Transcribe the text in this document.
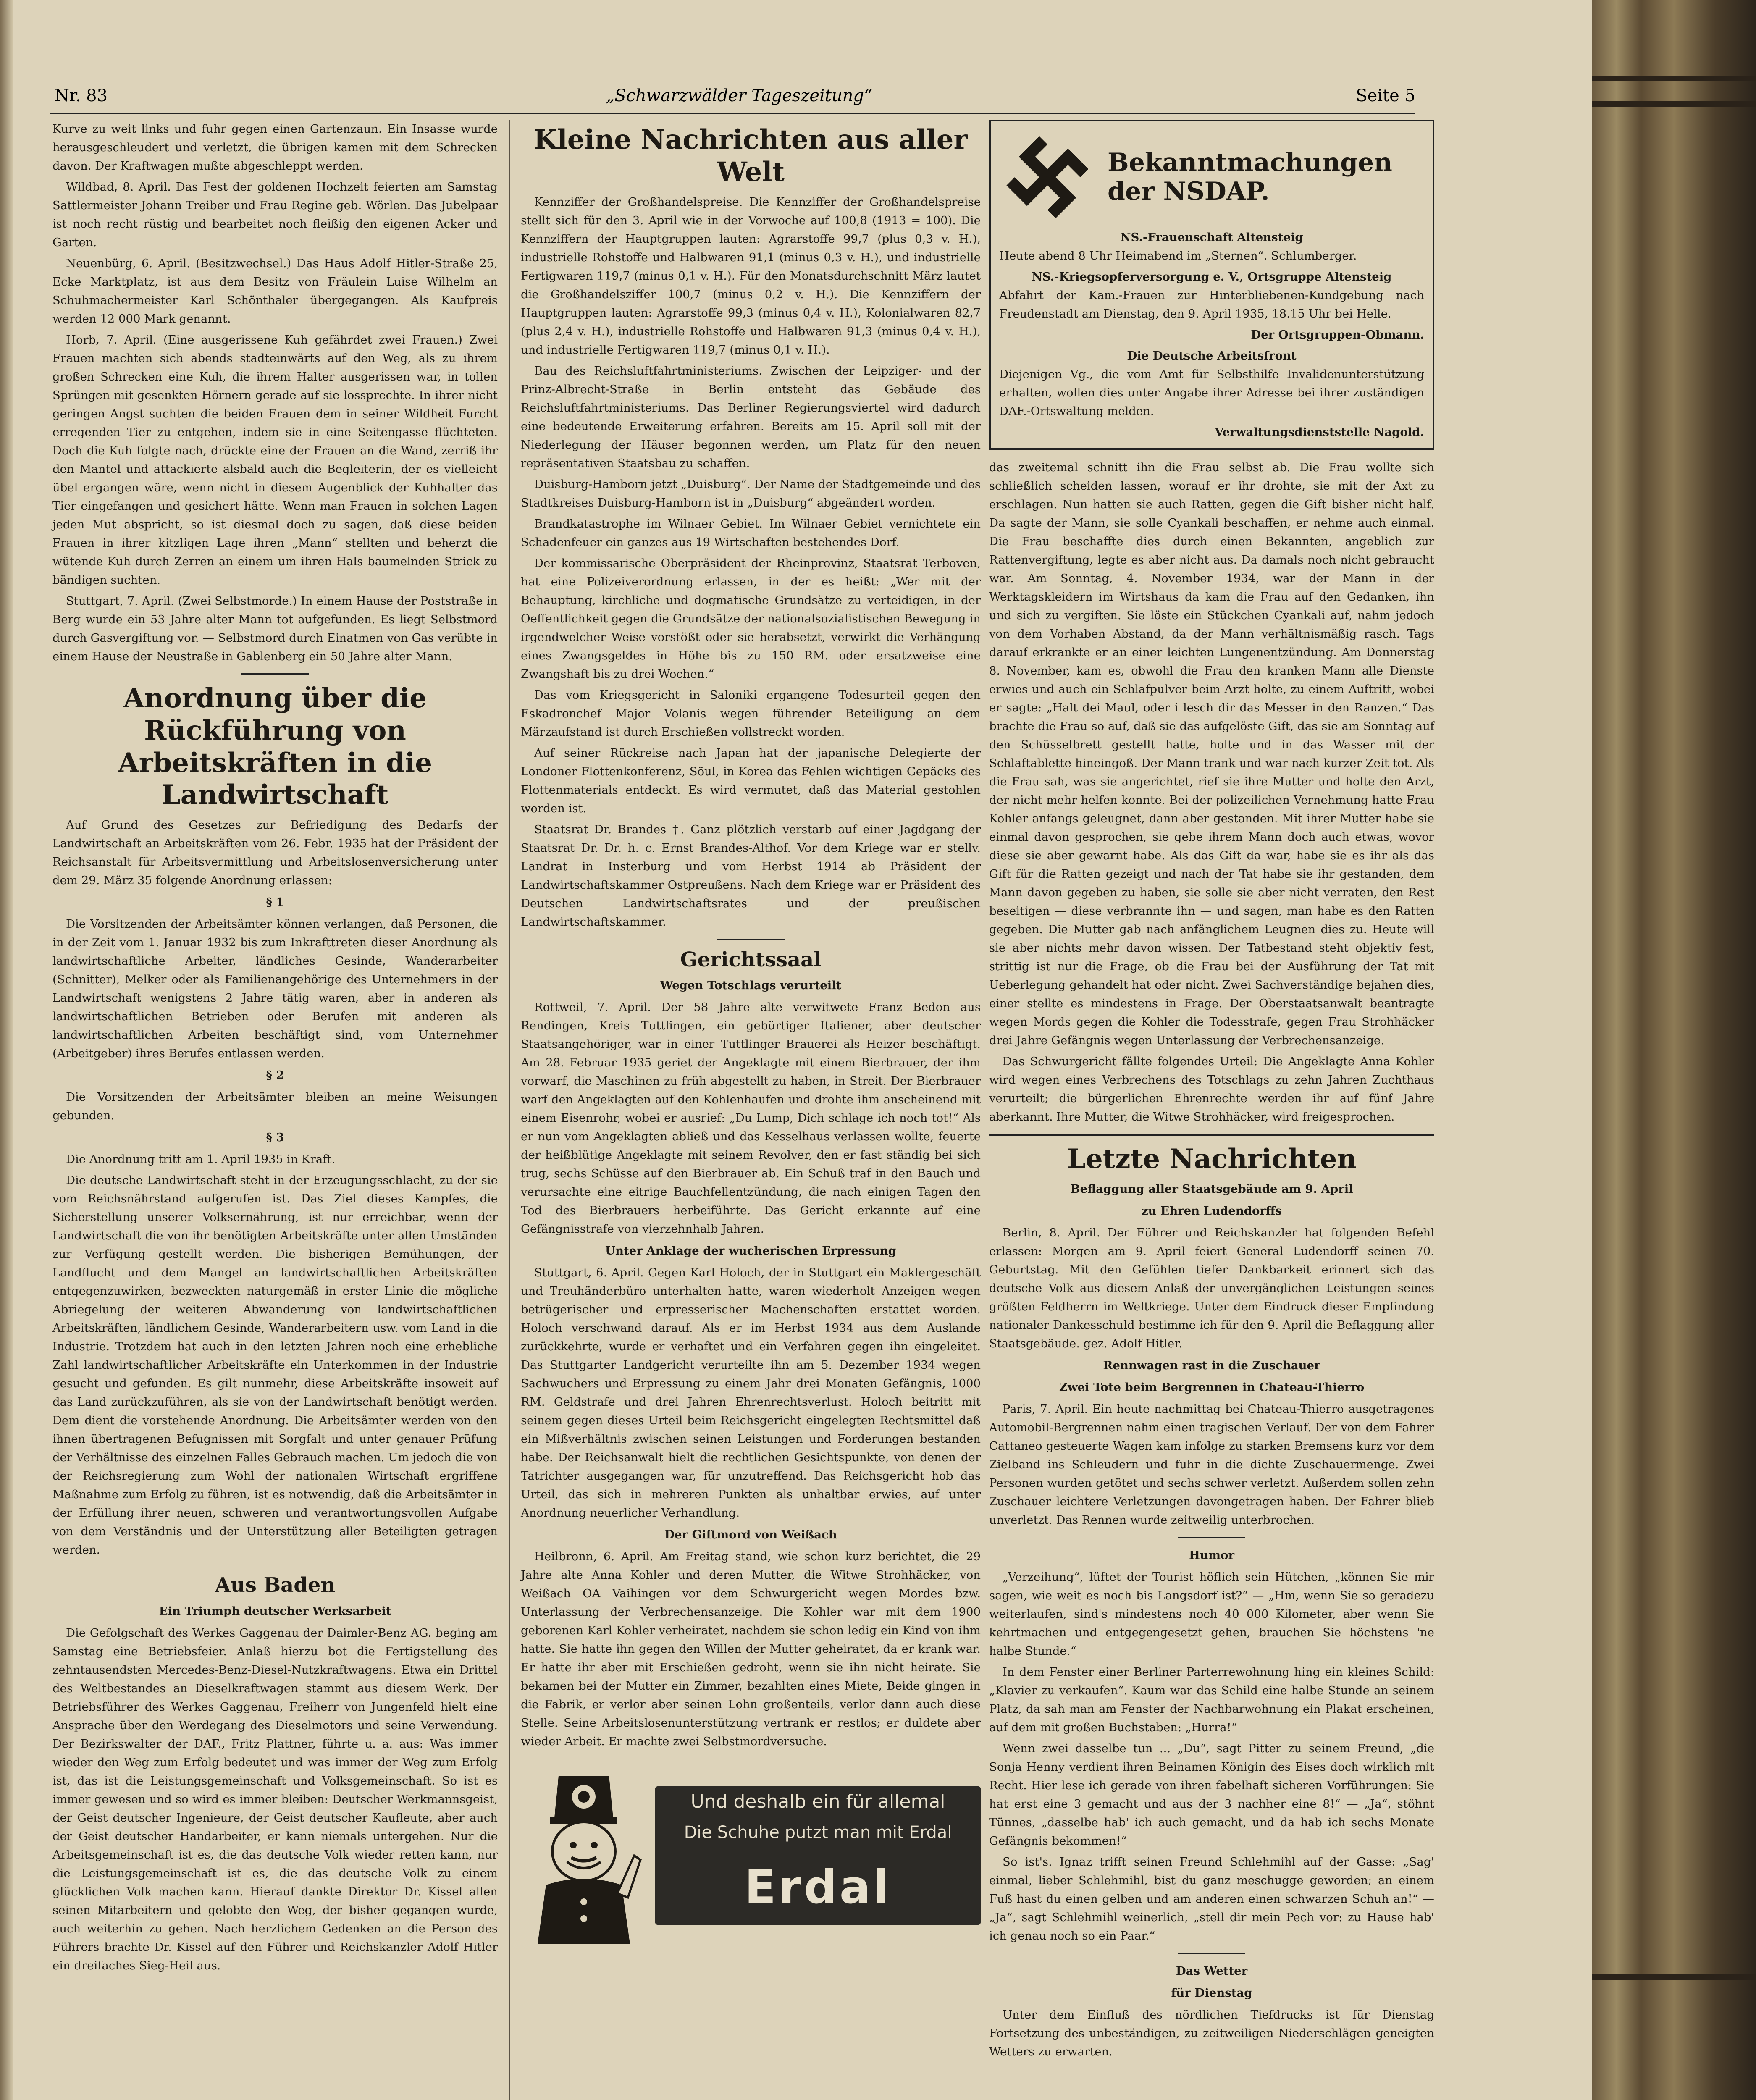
Nr. 83	„Schwarzwälder Tageszeitung“	Seite 5

Kurve zu weit links und fuhr gegen einen Gartenzaun. Ein Insasse wurde herausgeschleudert und verletzt, die übrigen kamen mit dem Schrecken davon. Der Kraftwagen mußte abgeschleppt werden.

Wildbad, 8. April. Das Fest der goldenen Hochzeit feierten am Samstag Sattlermeister Johann Treiber und Frau Regine geb. Wörlen. Das Jubelpaar ist noch recht rüstig und bearbeitet noch fleißig den eigenen Acker und Garten.

Neuenbürg, 6. April. (Besitzwechsel.) Das Haus Adolf Hitler-Straße 25, Ecke Marktplatz, ist aus dem Besitz von Fräulein Luise Wilhelm an Schuhmachermeister Karl Schönthaler übergegangen. Als Kaufpreis werden 12 000 Mark genannt.

Horb, 7. April. (Eine ausgerissene Kuh gefährdet zwei Frauen.) Zwei Frauen machten sich abends stadteinwärts auf den Weg, als zu ihrem großen Schrecken eine Kuh, die ihrem Halter ausgerissen war, in tollen Sprüngen mit gesenkten Hörnern gerade auf sie lossprechte. In ihrer nicht geringen Angst suchten die beiden Frauen dem in seiner Wildheit Furcht erregenden Tier zu entgehen, indem sie in eine Seitengasse flüchteten. Doch die Kuh folgte nach, drückte eine der Frauen an die Wand, zerriß ihr den Mantel und attackierte alsbald auch die Begleiterin, der es vielleicht übel ergangen wäre, wenn nicht in diesem Augenblick der Kuhhalter das Tier eingefangen und gesichert hätte. Wenn man Frauen in solchen Lagen jeden Mut abspricht, so ist diesmal doch zu sagen, daß diese beiden Frauen in ihrer kitzligen Lage ihren „Mann“ stellten und beherzt die wütende Kuh durch Zerren an einem um ihren Hals baumelnden Strick zu bändigen suchten.

Stuttgart, 7. April. (Zwei Selbstmorde.) In einem Hause der Poststraße in Berg wurde ein 53 Jahre alter Mann tot aufgefunden. Es liegt Selbstmord durch Gasvergiftung vor. — Selbstmord durch Einatmen von Gas verübte in einem Hause der Neustraße in Gablenberg ein 50 Jahre alter Mann.

Anordnung über die Rückführung von Arbeitskräften in die Landwirtschaft

Auf Grund des Gesetzes zur Befriedigung des Bedarfs der Landwirtschaft an Arbeitskräften vom 26. Febr. 1935 hat der Präsident der Reichsanstalt für Arbeitsvermittlung und Arbeitslosenversicherung unter dem 29. März 35 folgende Anordnung erlassen:

§ 1

Die Vorsitzenden der Arbeitsämter können verlangen, daß Personen, die in der Zeit vom 1. Januar 1932 bis zum Inkrafttreten dieser Anordnung als landwirtschaftliche Arbeiter, ländliches Gesinde, Wanderarbeiter (Schnitter), Melker oder als Familienangehörige des Unternehmers in der Landwirtschaft wenigstens 2 Jahre tätig waren, aber in anderen als landwirtschaftlichen Betrieben oder Berufen mit anderen als landwirtschaftlichen Arbeiten beschäftigt sind, vom Unternehmer (Arbeitgeber) ihres Berufes entlassen werden.

§ 2

Die Vorsitzenden der Arbeitsämter bleiben an meine Weisungen gebunden.

§ 3

Die Anordnung tritt am 1. April 1935 in Kraft.

Die deutsche Landwirtschaft steht in der Erzeugungsschlacht, zu der sie vom Reichsnährstand aufgerufen ist. Das Ziel dieses Kampfes, die Sicherstellung unserer Volksernährung, ist nur erreichbar, wenn der Landwirtschaft die von ihr benötigten Arbeitskräfte unter allen Umständen zur Verfügung gestellt werden. Die bisherigen Bemühungen, der Landflucht und dem Mangel an landwirtschaftlichen Arbeitskräften entgegenzuwirken, bezweckten naturgemäß in erster Linie die mögliche Abriegelung der weiteren Abwanderung von landwirtschaftlichen Arbeitskräften, ländlichem Gesinde, Wanderarbeitern usw. vom Land in die Industrie. Trotzdem hat auch in den letzten Jahren noch eine erhebliche Zahl landwirtschaftlicher Arbeitskräfte ein Unterkommen in der Industrie gesucht und gefunden. Es gilt nunmehr, diese Arbeitskräfte insoweit auf das Land zurückzuführen, als sie von der Landwirtschaft benötigt werden. Dem dient die vorstehende Anordnung. Die Arbeitsämter werden von den ihnen übertragenen Befugnissen mit Sorgfalt und unter genauer Prüfung der Verhältnisse des einzelnen Falles Gebrauch machen. Um jedoch die von der Reichsregierung zum Wohl der nationalen Wirtschaft ergriffene Maßnahme zum Erfolg zu führen, ist es notwendig, daß die Arbeitsämter in der Erfüllung ihrer neuen, schweren und verantwortungsvollen Aufgabe von dem Verständnis und der Unterstützung aller Beteiligten getragen werden.

Aus Baden
Ein Triumph deutscher Werksarbeit

Die Gefolgschaft des Werkes Gaggenau der Daimler-Benz AG. beging am Samstag eine Betriebsfeier. Anlaß hierzu bot die Fertigstellung des zehntausendsten Mercedes-Benz-Diesel-Nutzkraftwagens. Etwa ein Drittel des Weltbestandes an Dieselkraftwagen stammt aus diesem Werk. Der Betriebsführer des Werkes Gaggenau, Freiherr von Jungenfeld hielt eine Ansprache über den Werdegang des Dieselmotors und seine Verwendung. Der Bezirkswalter der DAF., Fritz Plattner, führte u. a. aus: Was immer wieder den Weg zum Erfolg bedeutet und was immer der Weg zum Erfolg ist, das ist die Leistungsgemeinschaft und Volksgemeinschaft. So ist es immer gewesen und so wird es immer bleiben: Deutscher Werkmannsgeist, der Geist deutscher Ingenieure, der Geist deutscher Kaufleute, aber auch der Geist deutscher Handarbeiter, er kann niemals untergehen. Nur die Arbeitsgemeinschaft ist es, die das deutsche Volk wieder retten kann, nur die Leistungsgemeinschaft ist es, die das deutsche Volk zu einem glücklichen Volk machen kann. Hierauf dankte Direktor Dr. Kissel allen seinen Mitarbeitern und gelobte den Weg, der bisher gegangen wurde, auch weiterhin zu gehen. Nach herzlichem Gedenken an die Person des Führers brachte Dr. Kissel auf den Führer und Reichskanzler Adolf Hitler ein dreifaches Sieg-Heil aus.

Kleine Nachrichten aus aller Welt

Kennziffer der Großhandelspreise. Die Kennziffer der Großhandelspreise stellt sich für den 3. April wie in der Vorwoche auf 100,8 (1913 = 100). Die Kennziffern der Hauptgruppen lauten: Agrarstoffe 99,7 (plus 0,3 v. H.), industrielle Rohstoffe und Halbwaren 91,1 (minus 0,3 v. H.), und industrielle Fertigwaren 119,7 (minus 0,1 v. H.). Für den Monatsdurchschnitt März lautet die Großhandelsziffer 100,7 (minus 0,2 v. H.). Die Kennziffern der Hauptgruppen lauten: Agrarstoffe 99,3 (minus 0,4 v. H.), Kolonialwaren 82,7 (plus 2,4 v. H.), industrielle Rohstoffe und Halbwaren 91,3 (minus 0,4 v. H.), und industrielle Fertigwaren 119,7 (minus 0,1 v. H.).

Bau des Reichsluftfahrtministeriums. Zwischen der Leipziger- und der Prinz-Albrecht-Straße in Berlin entsteht das Gebäude des Reichsluftfahrtministeriums. Das Berliner Regierungsviertel wird dadurch eine bedeutende Erweiterung erfahren. Bereits am 15. April soll mit der Niederlegung der Häuser begonnen werden, um Platz für den neuen repräsentativen Staatsbau zu schaffen.

Duisburg-Hamborn jetzt „Duisburg“. Der Name der Stadtgemeinde und des Stadtkreises Duisburg-Hamborn ist in „Duisburg“ abgeändert worden.

Brandkatastrophe im Wilnaer Gebiet. Im Wilnaer Gebiet vernichtete ein Schadenfeuer ein ganzes aus 19 Wirtschaften bestehendes Dorf.

Der kommissarische Oberpräsident der Rheinprovinz, Staatsrat Terboven, hat eine Polizeiverordnung erlassen, in der es heißt: „Wer mit der Behauptung, kirchliche und dogmatische Grundsätze zu verteidigen, in der Oeffentlichkeit gegen die Grundsätze der nationalsozialistischen Bewegung in irgendwelcher Weise vorstößt oder sie herabsetzt, verwirkt die Verhängung eines Zwangsgeldes in Höhe bis zu 150 RM. oder ersatzweise eine Zwangshaft bis zu drei Wochen.“

Das vom Kriegsgericht in Saloniki ergangene Todesurteil gegen den Eskadronchef Major Volanis wegen führender Beteiligung an dem Märzaufstand ist durch Erschießen vollstreckt worden.

Auf seiner Rückreise nach Japan hat der japanische Delegierte der Londoner Flottenkonferenz, Söul, in Korea das Fehlen wichtigen Gepäcks des Flottenmaterials entdeckt. Es wird vermutet, daß das Material gestohlen worden ist.

Staatsrat Dr. Brandes †. Ganz plötzlich verstarb auf einer Jagdgang der Staatsrat Dr. Dr. h. c. Ernst Brandes-Althof. Vor dem Kriege war er stellv. Landrat in Insterburg und vom Herbst 1914 ab Präsident der Landwirtschaftskammer Ostpreußens. Nach dem Kriege war er Präsident des Deutschen Landwirtschaftsrates und der preußischen Landwirtschaftskammer.

Gerichtssaal
Wegen Totschlags verurteilt

Rottweil, 7. April. Der 58 Jahre alte verwitwete Franz Bedon aus Rendingen, Kreis Tuttlingen, ein gebürtiger Italiener, aber deutscher Staatsangehöriger, war in einer Tuttlinger Brauerei als Heizer beschäftigt. Am 28. Februar 1935 geriet der Angeklagte mit einem Bierbrauer, der ihm vorwarf, die Maschinen zu früh abgestellt zu haben, in Streit. Der Bierbrauer warf den Angeklagten auf den Kohlenhaufen und drohte ihm anscheinend mit einem Eisenrohr, wobei er ausrief: „Du Lump, Dich schlage ich noch tot!“ Als er nun vom Angeklagten abließ und das Kesselhaus verlassen wollte, feuerte der heißblütige Angeklagte mit seinem Revolver, den er fast ständig bei sich trug, sechs Schüsse auf den Bierbrauer ab. Ein Schuß traf in den Bauch und verursachte eine eitrige Bauchfellentzündung, die nach einigen Tagen den Tod des Bierbrauers herbeiführte. Das Gericht erkannte auf eine Gefängnisstrafe von vierzehnhalb Jahren.

Unter Anklage der wucherischen Erpressung

Stuttgart, 6. April. Gegen Karl Holoch, der in Stuttgart ein Maklergeschäft und Treuhänderbüro unterhalten hatte, waren wiederholt Anzeigen wegen betrügerischer und erpresserischer Machenschaften erstattet worden. Holoch verschwand darauf. Als er im Herbst 1934 aus dem Auslande zurückkehrte, wurde er verhaftet und ein Verfahren gegen ihn eingeleitet. Das Stuttgarter Landgericht verurteilte ihn am 5. Dezember 1934 wegen Sachwuchers und Erpressung zu einem Jahr drei Monaten Gefängnis, 1000 RM. Geldstrafe und drei Jahren Ehrenrechtsverlust. Holoch beitritt mit seinem gegen dieses Urteil beim Reichsgericht eingelegten Rechtsmittel daß ein Mißverhältnis zwischen seinen Leistungen und Forderungen bestanden habe. Der Reichsanwalt hielt die rechtlichen Gesichtspunkte, von denen der Tatrichter ausgegangen war, für unzutreffend. Das Reichsgericht hob das Urteil, das sich in mehreren Punkten als unhaltbar erwies, auf unter Anordnung neuerlicher Verhandlung.

Der Giftmord von Weißach

Heilbronn, 6. April. Am Freitag stand, wie schon kurz berichtet, die 29 Jahre alte Anna Kohler und deren Mutter, die Witwe Strohhäcker, von Weißach OA Vaihingen vor dem Schwurgericht wegen Mordes bzw. Unterlassung der Verbrechensanzeige. Die Kohler war mit dem 1900 geborenen Karl Kohler verheiratet, nachdem sie schon ledig ein Kind von ihm hatte. Sie hatte ihn gegen den Willen der Mutter geheiratet, da er krank war. Er hatte ihr aber mit Erschießen gedroht, wenn sie ihn nicht heirate. Sie bekamen bei der Mutter ein Zimmer, bezahlten eines Miete, Beide gingen in die Fabrik, er verlor aber seinen Lohn großenteils, verlor dann auch diese Stelle. Seine Arbeitslosenunterstützung vertrank er restlos; er duldete aber wieder Arbeit. Er machte zwei Selbstmordversuche.

Und deshalb ein für allemal
Die Schuhe putzt man mit Erdal
Erdal
Bekanntmachungen der NSDAP.
NS.-Frauenschaft Altensteig

Heute abend 8 Uhr Heimabend im „Sternen“. Schlumberger.

NS.-Kriegsopferversorgung e. V., Ortsgruppe Altensteig

Abfahrt der Kam.-Frauen zur Hinterbliebenen-Kundgebung nach Freudenstadt am Dienstag, den 9. April 1935, 18.15 Uhr bei Helle.

Der Ortsgruppen-Obmann.
Die Deutsche Arbeitsfront

Diejenigen Vg., die vom Amt für Selbsthilfe Invalidenunterstützung erhalten, wollen dies unter Angabe ihrer Adresse bei ihrer zuständigen DAF.-Ortswaltung melden.

Verwaltungsdienststelle Nagold.

das zweitemal schnitt ihn die Frau selbst ab. Die Frau wollte sich schließlich scheiden lassen, worauf er ihr drohte, sie mit der Axt zu erschlagen. Nun hatten sie auch Ratten, gegen die Gift bisher nicht half. Da sagte der Mann, sie solle Cyankali beschaffen, er nehme auch einmal. Die Frau beschaffte dies durch einen Bekannten, angeblich zur Rattenvergiftung, legte es aber nicht aus. Da damals noch nicht gebraucht war. Am Sonntag, 4. November 1934, war der Mann in der Werktagskleidern im Wirtshaus da kam die Frau auf den Gedanken, ihn und sich zu vergiften. Sie löste ein Stückchen Cyankali auf, nahm jedoch von dem Vorhaben Abstand, da der Mann verhältnismäßig rasch. Tags darauf erkrankte er an einer leichten Lungenentzündung. Am Donnerstag 8. November, kam es, obwohl die Frau den kranken Mann alle Dienste erwies und auch ein Schlafpulver beim Arzt holte, zu einem Auftritt, wobei er sagte: „Halt dei Maul, oder i lesch dir das Messer in den Ranzen.“ Das brachte die Frau so auf, daß sie das aufgelöste Gift, das sie am Sonntag auf den Schüsselbrett gestellt hatte, holte und in das Wasser mit der Schlaftablette hineingoß. Der Mann trank und war nach kurzer Zeit tot. Als die Frau sah, was sie angerichtet, rief sie ihre Mutter und holte den Arzt, der nicht mehr helfen konnte. Bei der polizeilichen Vernehmung hatte Frau Kohler anfangs geleugnet, dann aber gestanden. Mit ihrer Mutter habe sie einmal davon gesprochen, sie gebe ihrem Mann doch auch etwas, wovor diese sie aber gewarnt habe. Als das Gift da war, habe sie es ihr als das Gift für die Ratten gezeigt und nach der Tat habe sie ihr gestanden, dem Mann davon gegeben zu haben, sie solle sie aber nicht verraten, den Rest beseitigen — diese verbrannte ihn — und sagen, man habe es den Ratten gegeben. Die Mutter gab nach anfänglichem Leugnen dies zu. Heute will sie aber nichts mehr davon wissen. Der Tatbestand steht objektiv fest, strittig ist nur die Frage, ob die Frau bei der Ausführung der Tat mit Ueberlegung gehandelt hat oder nicht. Zwei Sachverständige bejahen dies, einer stellte es mindestens in Frage. Der Oberstaatsanwalt beantragte wegen Mords gegen die Kohler die Todesstrafe, gegen Frau Strohhäcker drei Jahre Gefängnis wegen Unterlassung der Verbrechensanzeige.

Das Schwurgericht fällte folgendes Urteil: Die Angeklagte Anna Kohler wird wegen eines Verbrechens des Totschlags zu zehn Jahren Zuchthaus verurteilt; die bürgerlichen Ehrenrechte werden ihr auf fünf Jahre aberkannt. Ihre Mutter, die Witwe Strohhäcker, wird freigesprochen.

Letzte Nachrichten
Beflaggung aller Staatsgebäude am 9. April
zu Ehren Ludendorffs

Berlin, 8. April. Der Führer und Reichskanzler hat folgenden Befehl erlassen: Morgen am 9. April feiert General Ludendorff seinen 70. Geburtstag. Mit den Gefühlen tiefer Dankbarkeit erinnert sich das deutsche Volk aus diesem Anlaß der unvergänglichen Leistungen seines größten Feldherrn im Weltkriege. Unter dem Eindruck dieser Empfindung nationaler Dankesschuld bestimme ich für den 9. April die Beflaggung aller Staatsgebäude. gez. Adolf Hitler.

Rennwagen rast in die Zuschauer
Zwei Tote beim Bergrennen in Chateau-Thierro

Paris, 7. April. Ein heute nachmittag bei Chateau-Thierro ausgetragenes Automobil-Bergrennen nahm einen tragischen Verlauf. Der von dem Fahrer Cattaneo gesteuerte Wagen kam infolge zu starken Bremsens kurz vor dem Zielband ins Schleudern und fuhr in die dichte Zuschauermenge. Zwei Personen wurden getötet und sechs schwer verletzt. Außerdem sollen zehn Zuschauer leichtere Verletzungen davongetragen haben. Der Fahrer blieb unverletzt. Das Rennen wurde zeitweilig unterbrochen.

Humor

„Verzeihung“, lüftet der Tourist höflich sein Hütchen, „können Sie mir sagen, wie weit es noch bis Langsdorf ist?“ — „Hm, wenn Sie so geradezu weiterlaufen, sind's mindestens noch 40 000 Kilometer, aber wenn Sie kehrtmachen und entgegengesetzt gehen, brauchen Sie höchstens 'ne halbe Stunde.“

In dem Fenster einer Berliner Parterrewohnung hing ein kleines Schild: „Klavier zu verkaufen“. Kaum war das Schild eine halbe Stunde an seinem Platz, da sah man am Fenster der Nachbarwohnung ein Plakat erscheinen, auf dem mit großen Buchstaben: „Hurra!“

Wenn zwei dasselbe tun ... „Du“, sagt Pitter zu seinem Freund, „die Sonja Henny verdient ihren Beinamen Königin des Eises doch wirklich mit Recht. Hier lese ich gerade von ihren fabelhaft sicheren Vorführungen: Sie hat erst eine 3 gemacht und aus der 3 nachher eine 8!“ — „Ja“, stöhnt Tünnes, „dasselbe hab' ich auch gemacht, und da hab ich sechs Monate Gefängnis bekommen!“

So ist's. Ignaz trifft seinen Freund Schlehmihl auf der Gasse: „Sag' einmal, lieber Schlehmihl, bist du ganz meschugge geworden; an einem Fuß hast du einen gelben und am anderen einen schwarzen Schuh an!“ — „Ja“, sagt Schlehmihl weinerlich, „stell dir mein Pech vor: zu Hause hab' ich genau noch so ein Paar.“

Das Wetter
für Dienstag

Unter dem Einfluß des nördlichen Tiefdrucks ist für Dienstag Fortsetzung des unbeständigen, zu zeitweiligen Niederschlägen geneigten Wetters zu erwarten.
